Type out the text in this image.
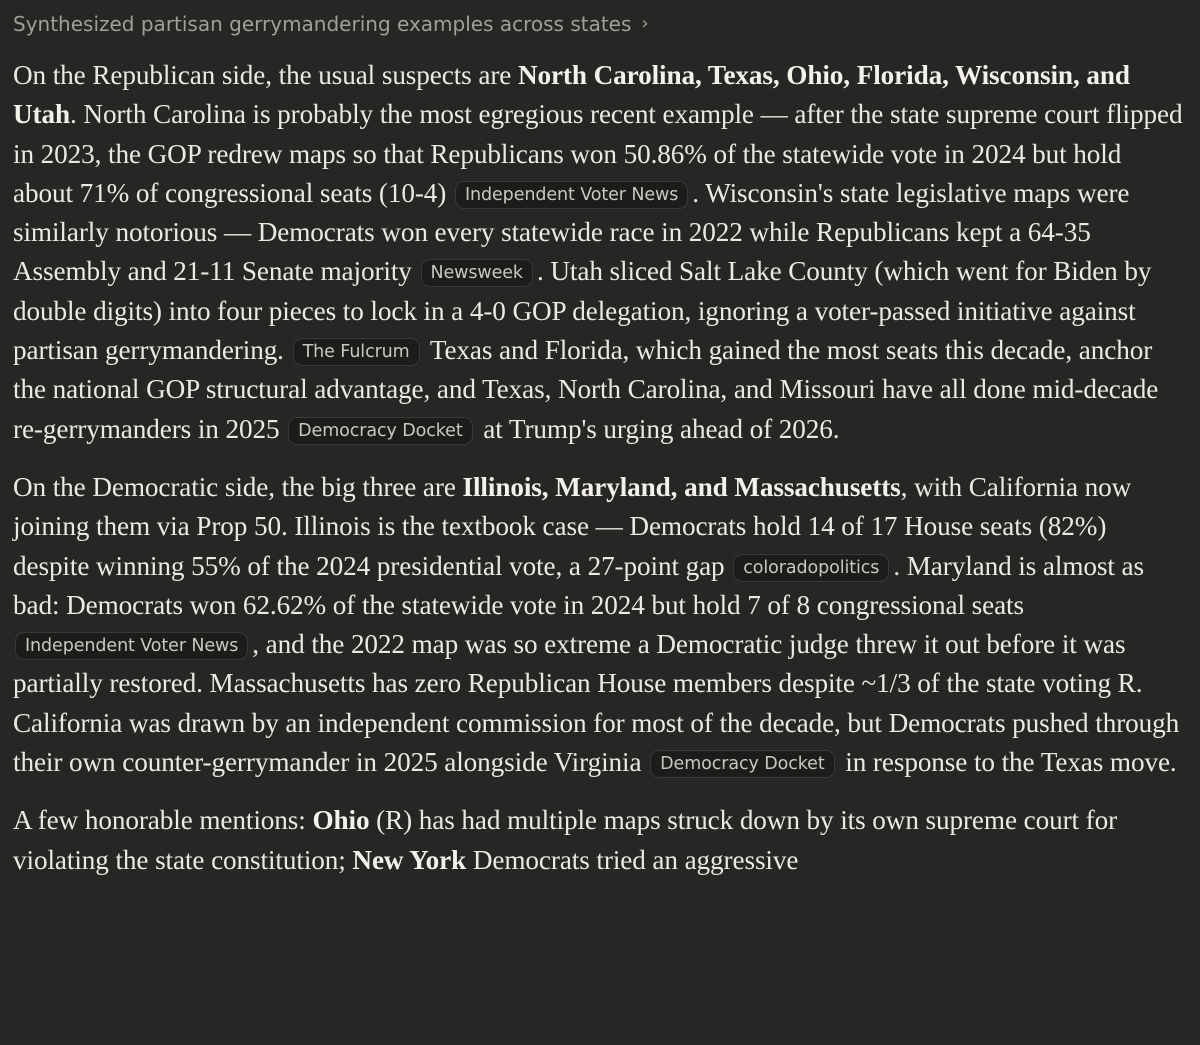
Synthesized partisan gerrymandering examples across states ›

On the Republican side, the usual suspects are North Carolina, Texas, Ohio, Florida, Wisconsin, and Utah. North Carolina is probably the most egregious recent example — after the state supreme court flipped in 2023, the GOP redrew maps so that Republicans won 50.86% of the statewide vote in 2024 but hold about 71% of congressional seats (10-4) Independent Voter News . Wisconsin's state legislative maps were similarly notorious — Democrats won every statewide race in 2022 while Republicans kept a 64-35 Assembly and 21-11 Senate majority Newsweek . Utah sliced Salt Lake County (which went for Biden by double digits) into four pieces to lock in a 4-0 GOP delegation, ignoring a voter-passed initiative against partisan gerrymandering. The Fulcrum Texas and Florida, which gained the most seats this decade, anchor the national GOP structural advantage, and Texas, North Carolina, and Missouri have all done mid-decade re-gerrymanders in 2025 Democracy Docket at Trump's urging ahead of 2026.

On the Democratic side, the big three are Illinois, Maryland, and Massachusetts, with California now joining them via Prop 50. Illinois is the textbook case — Democrats hold 14 of 17 House seats (82%) despite winning 55% of the 2024 presidential vote, a 27-point gap coloradopolitics . Maryland is almost as bad: Democrats won 62.62% of the statewide vote in 2024 but hold 7 of 8 congressional seats Independent Voter News , and the 2022 map was so extreme a Democratic judge threw it out before it was partially restored. Massachusetts has zero Republican House members despite ~1/3 of the state voting R. California was drawn by an independent commission for most of the decade, but Democrats pushed through their own counter-gerrymander in 2025 alongside Virginia Democracy Docket in response to the Texas move.

A few honorable mentions: Ohio (R) has had multiple maps struck down by its own supreme court for violating the state constitution; New York Democrats tried an aggressive
